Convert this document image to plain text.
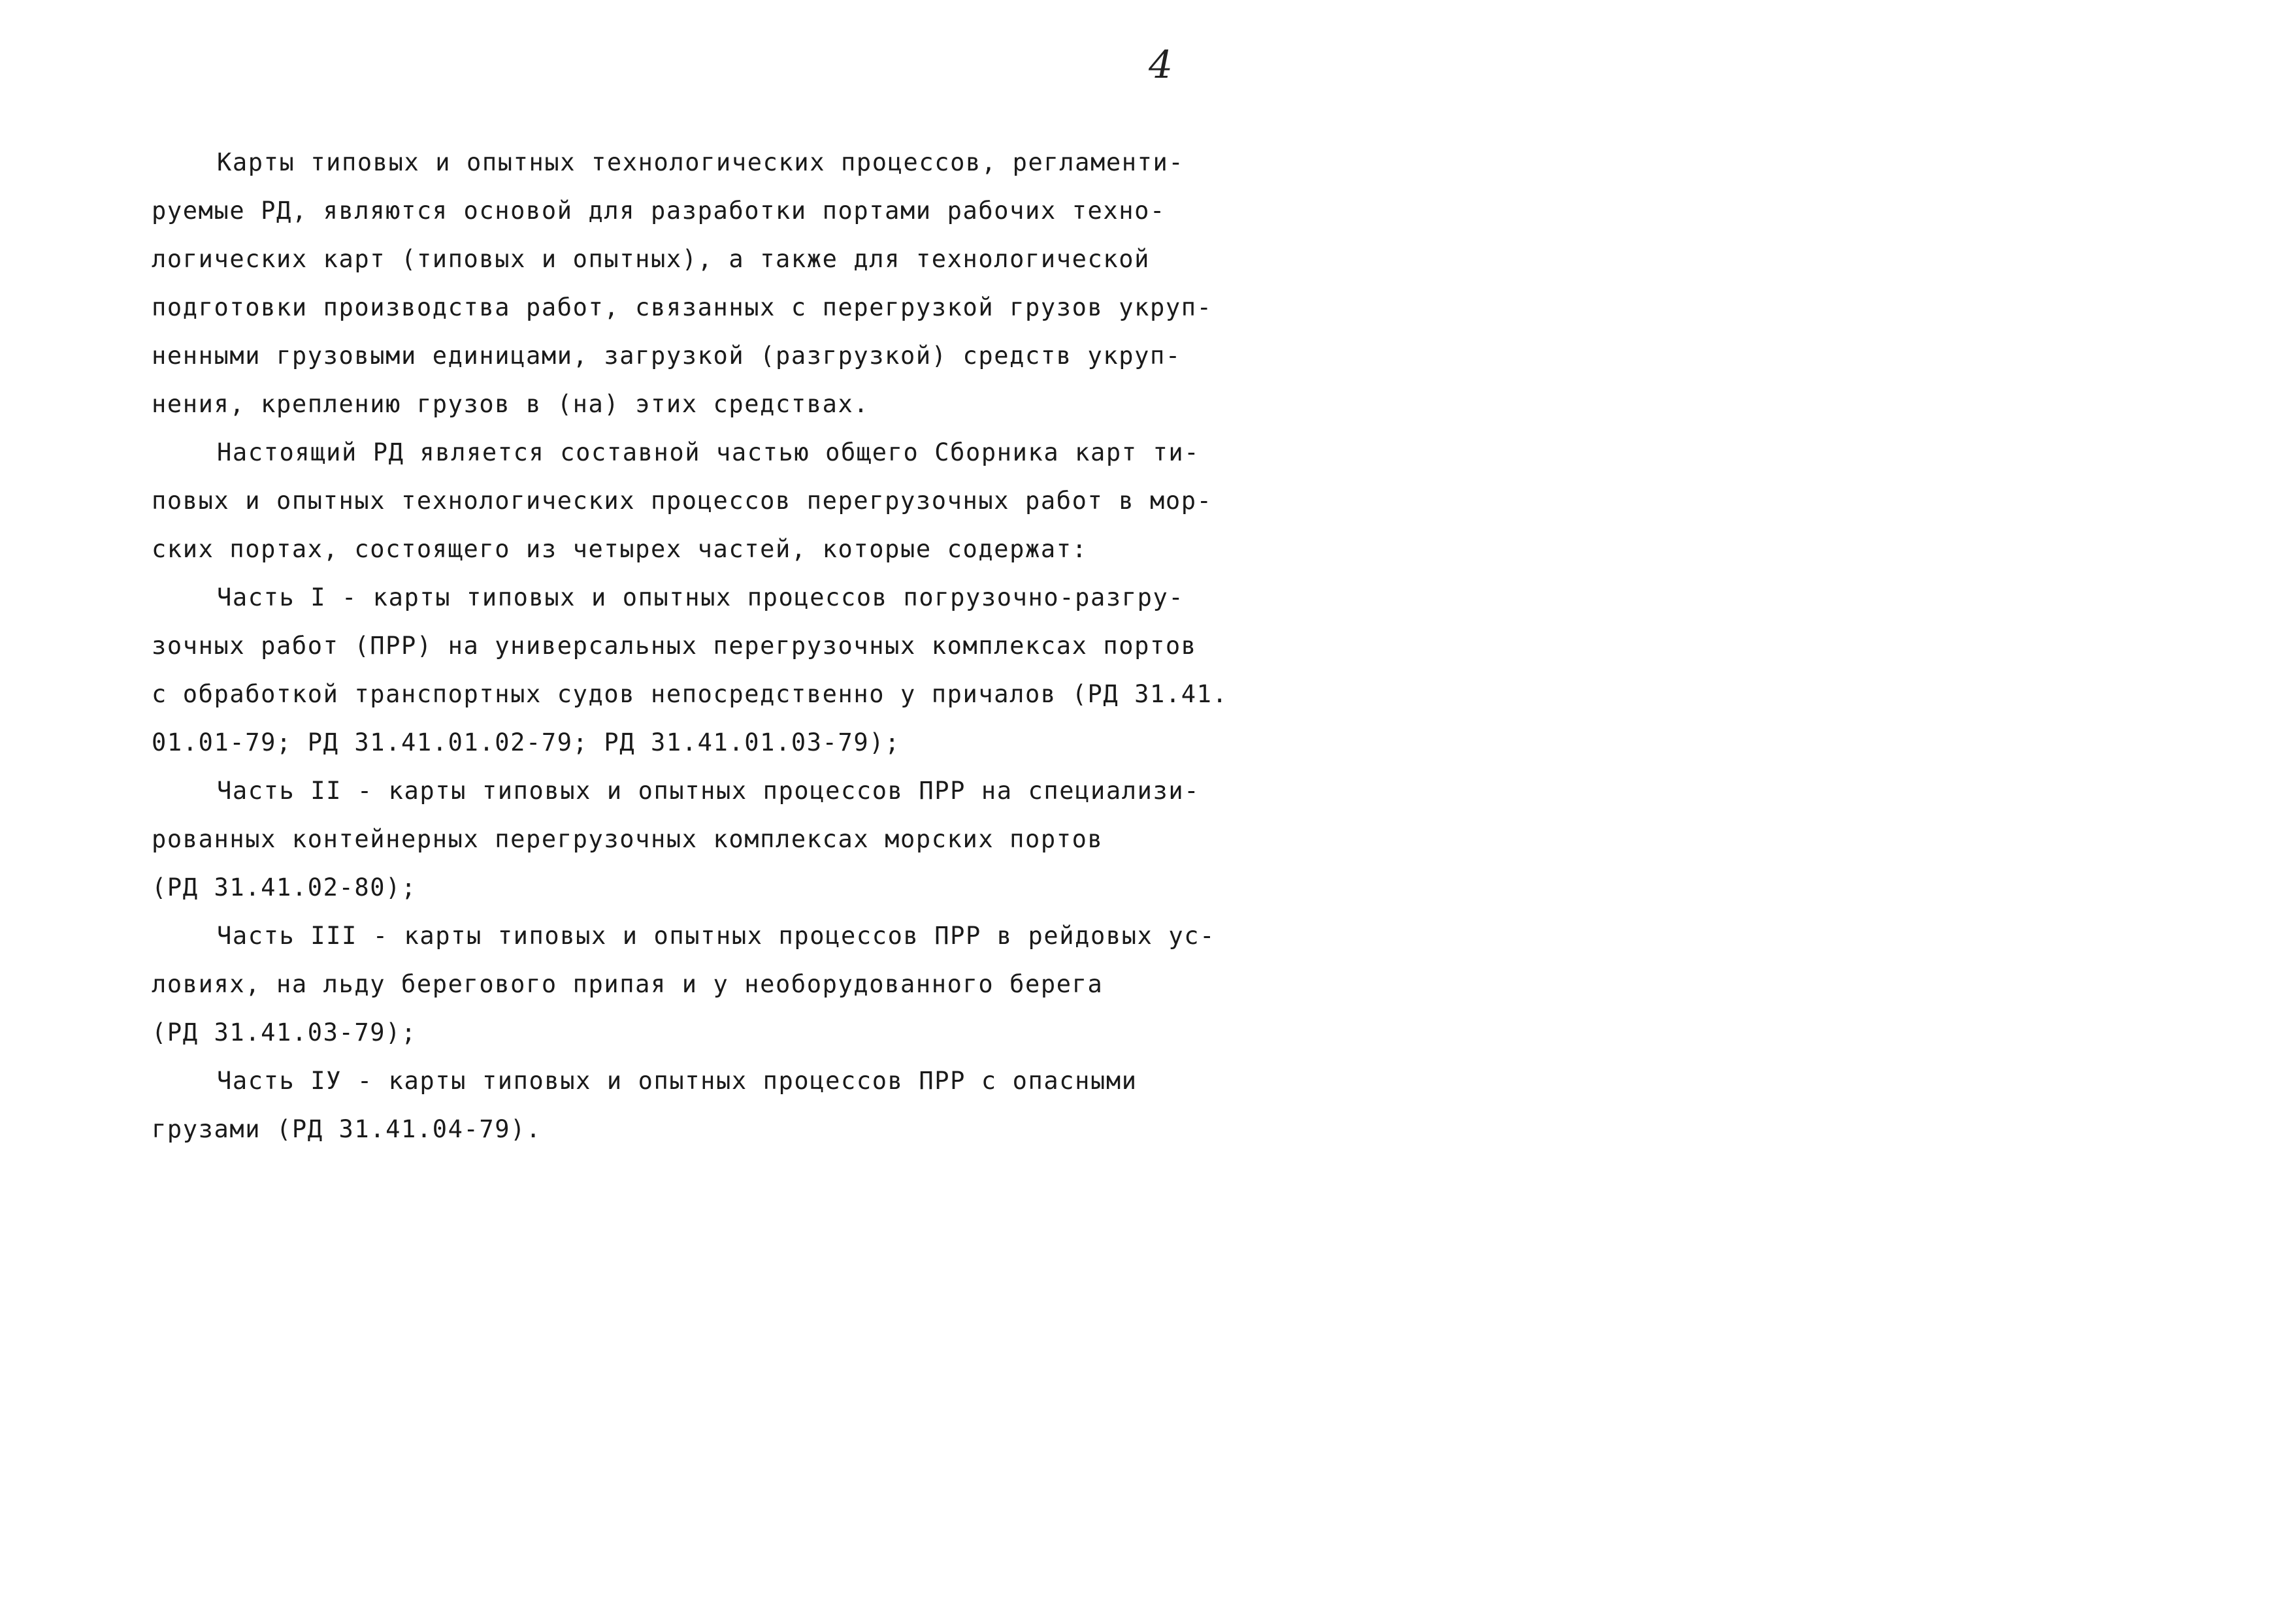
4
Карты типовых и опытных технологических процессов, регламенти-
руемые РД, являются основой для разработки портами рабочих техно-
логических карт (типовых и опытных), а также для технологической
подготовки производства работ, связанных с перегрузкой грузов укруп-
ненными грузовыми единицами, загрузкой (разгрузкой) средств укруп-
нения, креплению грузов в (на) этих средствах.
Настоящий РД является составной частью общего Сборника карт ти-
повых и опытных технологических процессов перегрузочных работ в мор-
ских портах, состоящего из четырех частей, которые содержат:
Часть I - карты типовых и опытных процессов погрузочно-разгру-
зочных работ (ПРР) на универсальных перегрузочных комплексах портов
с обработкой транспортных судов непосредственно у причалов (РД 31.41.
01.01-79; РД 31.41.01.02-79; РД 31.41.01.03-79);
Часть II - карты типовых и опытных процессов ПРР на специализи-
рованных контейнерных перегрузочных комплексах морских портов
(РД 31.41.02-80);
Часть III - карты типовых и опытных процессов ПРР в рейдовых ус-
ловиях, на льду берегового припая и у необорудованного берега
(РД 31.41.03-79);
Часть IУ - карты типовых и опытных процессов ПРР с опасными
грузами (РД 31.41.04-79).
